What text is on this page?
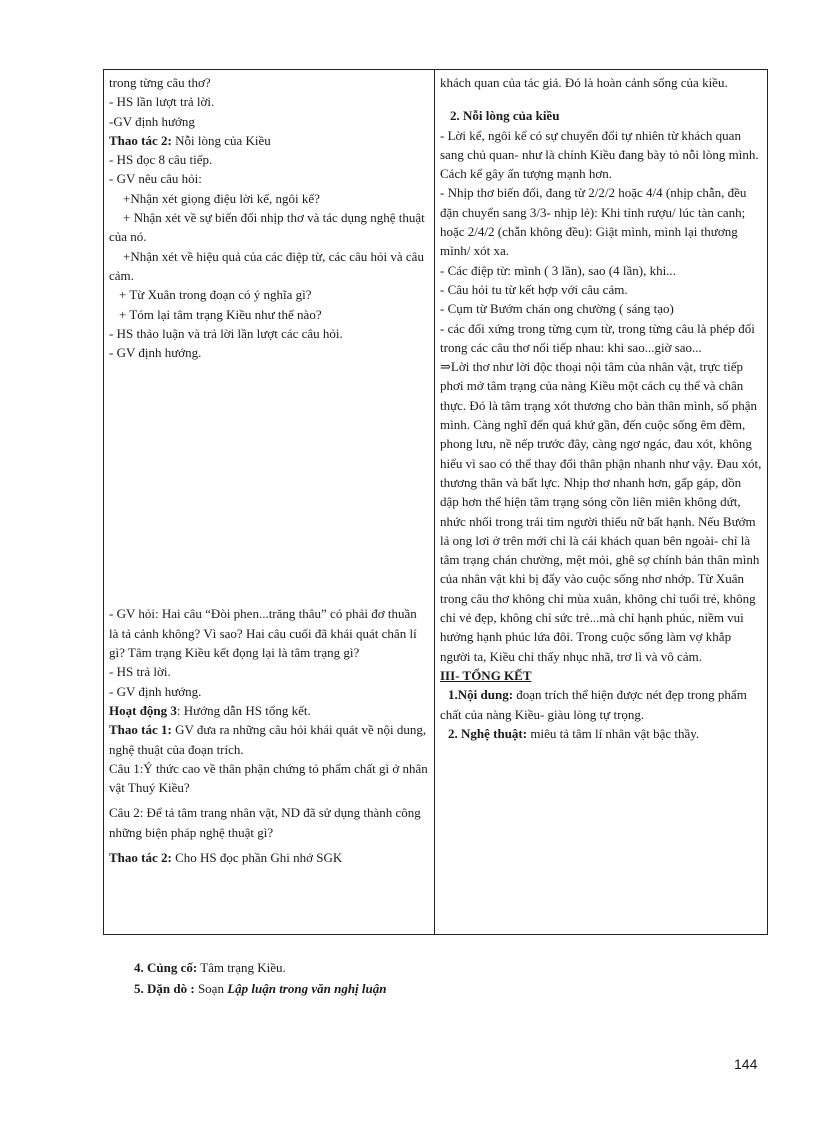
trong từng câu thơ?

- HS lần lượt trả lời.

-GV định hướng

Thao tác 2: Nỗi lòng của Kiều

- HS đọc 8 câu tiếp.

- GV nêu câu hỏi:

+Nhận xét giọng điệu lời kể, ngôi kể?

+ Nhận xét về sự biến đổi nhịp thơ và tác dụng nghệ thuật của nó.

+Nhận xét về hiệu quả của các điệp từ, các câu hỏi và câu cảm.

+ Từ Xuân trong đoạn có ý nghĩa gì?

+ Tóm lại tâm trạng Kiều như thế nào?

- HS thảo luận và trả lời lần lượt các câu hỏi.

- GV định hướng.

- GV hỏi: Hai câu “Đòi phen...trăng thâu” có phải đơ thuần là tả cảnh không? Vì sao? Hai câu cuối đã khái quát chân lí gì? Tâm trạng Kiều kết đọng lại là tâm trạng gì?

- HS trả lời.

- GV định hướng.

Hoạt động 3: Hướng dẫn HS tổng kết.

Thao tác 1: GV đưa ra những câu hỏi khái quát về nội dung, nghệ thuật của đoạn trích.

Câu 1:Ý thức cao về thân phận chứng tỏ phẩm chất gì ở nhân vật Thuý Kiều?

Câu 2: Để tả tâm trang nhân vật, ND đã sử dụng thành công những biện pháp nghệ thuật gì?

Thao tác 2: Cho HS đọc phần Ghi nhớ SGK

khách quan của tác giả. Đó là hoàn cảnh sống của kiều.

2. Nỗi lòng của kiều

- Lời kể, ngôi kể có sự chuyển đổi tự nhiên từ khách quan sang chủ quan- như là chính Kiều đang bày tỏ nỗi lòng mình. Cách kể gây ấn tượng mạnh hơn.

- Nhịp thơ biến đổi, đang từ 2/2/2 hoặc 4/4 (nhịp chẫn, đều đặn chuyển sang 3/3- nhịp lẻ): Khi tỉnh rượu/ lúc tàn canh; hoặc 2/4/2 (chẵn không đều): Giật mình, mình lại thương mình/ xót xa.

- Các điệp từ: mình ( 3 lần), sao (4 lần), khi...

- Câu hỏi tu từ kết hợp với câu cảm.

- Cụm từ Bướm chán ong chường ( sáng tạo)

- các đối xứng trong từng cụm từ, trong từng câu là phép đối trong các câu thơ nối tiếp nhau: khi sao...giờ sao...

⇒Lời thơ như lời độc thoại nội tâm của nhân vật, trực tiếp phơi mở tâm trạng của nàng Kiều một cách cụ thể và chân thực. Đó là tâm trạng xót thương cho bản thân mình, số phận mình. Càng nghĩ đến quá khứ gần, đến cuộc sống êm đềm, phong lưu, nề nếp trước đây, càng ngơ ngác, đau xót, không hiểu vì sao có thể thay đổi thân phận nhanh như vậy. Đau xót, thương thân và bất lực. Nhịp thơ nhanh hơn, gấp gáp, dồn dập hơn thể hiện tâm trạng sóng cồn liên miên không dứt, nhức nhối trong trái tim người thiếu nữ bất hạnh. Nếu Bướm lả ong lơi ở trên mới chỉ là cái khách quan bên ngoài- chỉ là tâm trạng chán chường, mệt mỏi, ghê sợ chính bản thân mình của nhân vật khi bị đẩy vào cuộc sống nhơ nhớp. Từ Xuân trong câu thơ không chỉ mùa xuân, không chỉ tuổi trẻ, không chỉ vẻ đẹp, không chỉ sức trẻ...mà chỉ hạnh phúc, niềm vui hưởng hạnh phúc lứa đôi. Trong cuộc sống làm vợ khắp người ta, Kiều chỉ thấy nhục nhã, trơ lì và vô cảm.

III- TỔNG KẾT

1.Nội dung: đoạn trích thể hiện được nét đẹp trong phẩm chất của nàng Kiều- giàu lòng tự trọng.

2. Nghệ thuật: miêu tả tâm lí nhân vật bậc thầy.

4. Củng cố: Tâm trạng Kiều.

5. Dặn dò : Soạn Lập luận trong văn nghị luận

144
